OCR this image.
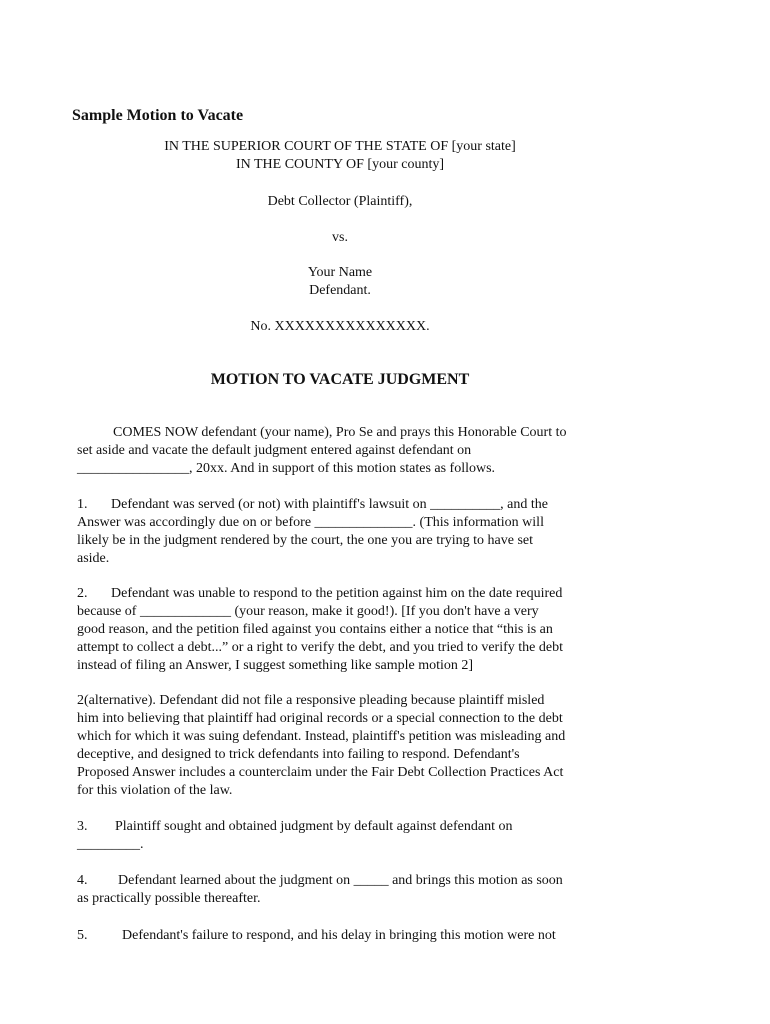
Sample Motion to Vacate
IN THE SUPERIOR COURT OF THE STATE OF [your state]
IN THE COUNTY OF [your county]
Debt Collector (Plaintiff),
vs.
Your Name
Defendant.
No. XXXXXXXXXXXXXXX.
MOTION TO VACATE JUDGMENT
COMES NOW defendant (your name), Pro Se and prays this Honorable Court to
set aside and vacate the default judgment entered against defendant on
________________, 20xx. And in support of this motion states as follows.
1. Defendant was served (or not) with plaintiff's lawsuit on __________, and the
Answer was accordingly due on or before ______________. (This information will
likely be in the judgment rendered by the court, the one you are trying to have set
aside.
2. Defendant was unable to respond to the petition against him on the date required
because of _____________ (your reason, make it good!). [If you don't have a very
good reason, and the petition filed against you contains either a notice that “this is an
attempt to collect a debt...” or a right to verify the debt, and you tried to verify the debt
instead of filing an Answer, I suggest something like sample motion 2]
2(alternative). Defendant did not file a responsive pleading because plaintiff misled
him into believing that plaintiff had original records or a special connection to the debt
which for which it was suing defendant. Instead, plaintiff's petition was misleading and
deceptive, and designed to trick defendants into failing to respond. Defendant's
Proposed Answer includes a counterclaim under the Fair Debt Collection Practices Act
for this violation of the law.
3. Plaintiff sought and obtained judgment by default against defendant on
_________.
4. Defendant learned about the judgment on _____ and brings this motion as soon
as practically possible thereafter.
5. Defendant's failure to respond, and his delay in bringing this motion were not
